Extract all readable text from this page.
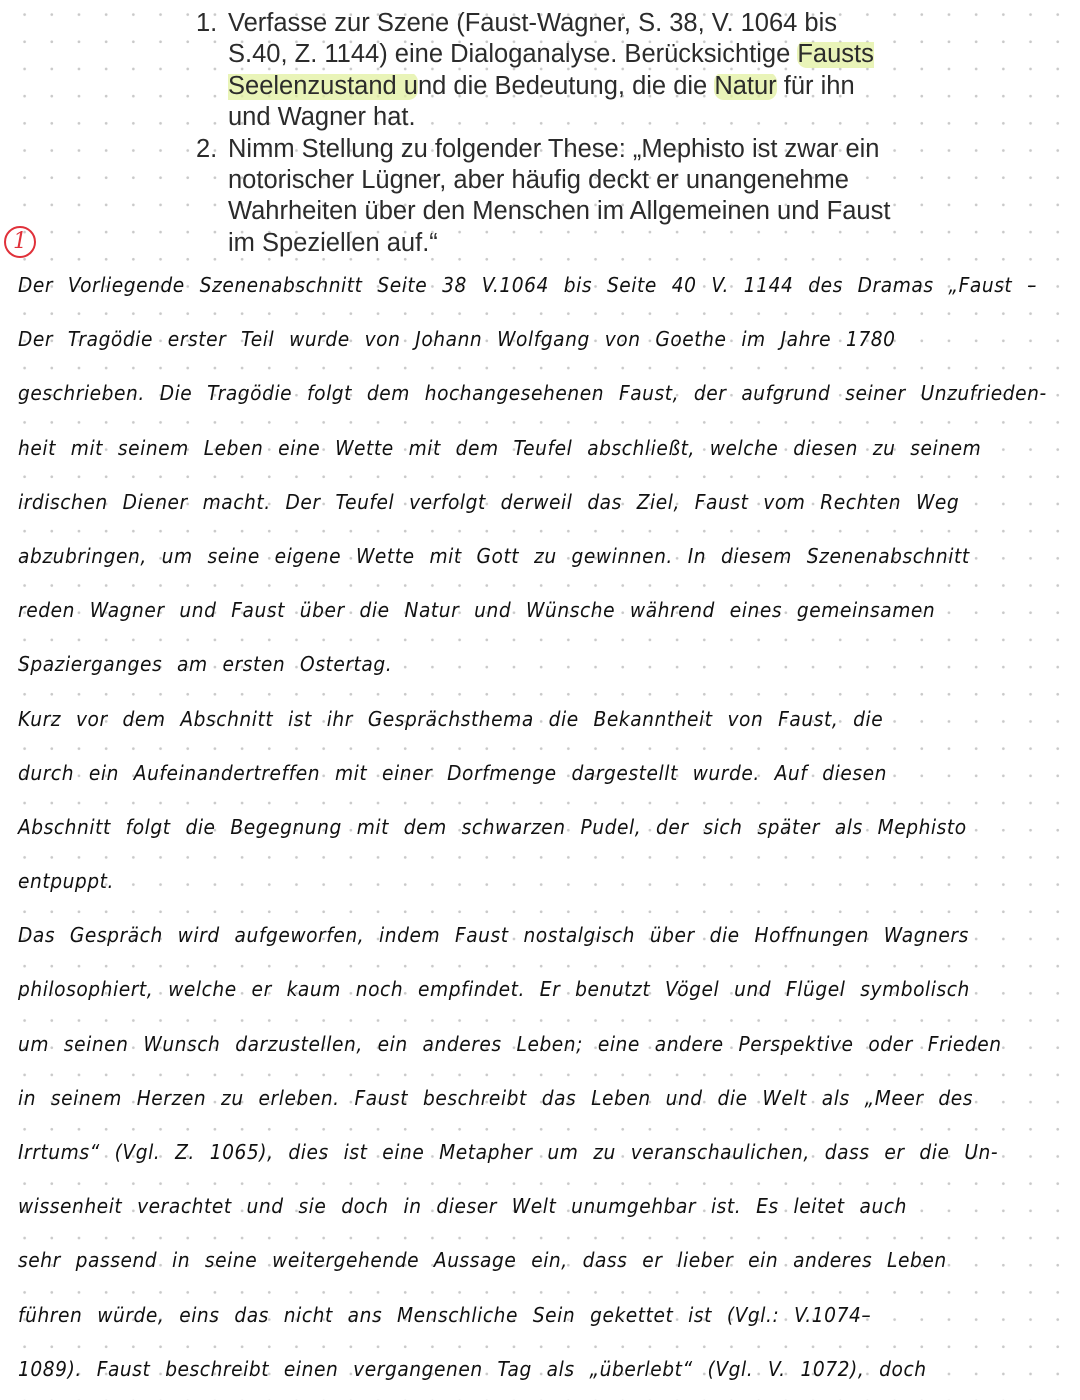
1. Verfasse zur Szene (Faust-Wagner, S. 38, V. 1064 bis S.40, Z. 1144) eine Dialoganalyse. Berücksichtige Fausts Seelenzustand und die Bedeutung, die die Natur für ihn und Wagner hat.
2. Nimm Stellung zu folgender These: „Mephisto ist zwar ein notorischer Lügner, aber häufig deckt er unangenehme Wahrheiten über den Menschen im Allgemeinen und Faust im Speziellen auf.“
1
Der Vorliegende Szenenabschnitt Seite 38 V.1064 bis Seite 40 V. 1144 des Dramas „Faust –
Der Tragödie erster Teil wurde von Johann Wolfgang von Goethe im Jahre 1780
geschrieben. Die Tragödie folgt dem hochangesehenen Faust, der aufgrund seiner Unzufrieden-
heit mit seinem Leben eine Wette mit dem Teufel abschließt, welche diesen zu seinem
irdischen Diener macht. Der Teufel verfolgt derweil das Ziel, Faust vom Rechten Weg
abzubringen, um seine eigene Wette mit Gott zu gewinnen. In diesem Szenenabschnitt
reden Wagner und Faust über die Natur und Wünsche während eines gemeinsamen
Spazierganges am ersten Ostertag.
Kurz vor dem Abschnitt ist ihr Gesprächsthema die Bekanntheit von Faust, die
durch ein Aufeinandertreffen mit einer Dorfmenge dargestellt wurde. Auf diesen
Abschnitt folgt die Begegnung mit dem schwarzen Pudel, der sich später als Mephisto
entpuppt.
Das Gespräch wird aufgeworfen, indem Faust nostalgisch über die Hoffnungen Wagners
philosophiert, welche er kaum noch empfindet. Er benutzt Vögel und Flügel symbolisch
um seinen Wunsch darzustellen, ein anderes Leben; eine andere Perspektive oder Frieden
in seinem Herzen zu erleben. Faust beschreibt das Leben und die Welt als „Meer des
Irrtums“ (Vgl. Z. 1065), dies ist eine Metapher um zu veranschaulichen, dass er die Un-
wissenheit verachtet und sie doch in dieser Welt unumgehbar ist. Es leitet auch
sehr passend in seine weitergehende Aussage ein, dass er lieber ein anderes Leben
führen würde, eins das nicht ans Menschliche Sein gekettet ist (Vgl.: V.1074–
1089). Faust beschreibt einen vergangenen Tag als „überlebt“ (Vgl. V. 1072), doch
